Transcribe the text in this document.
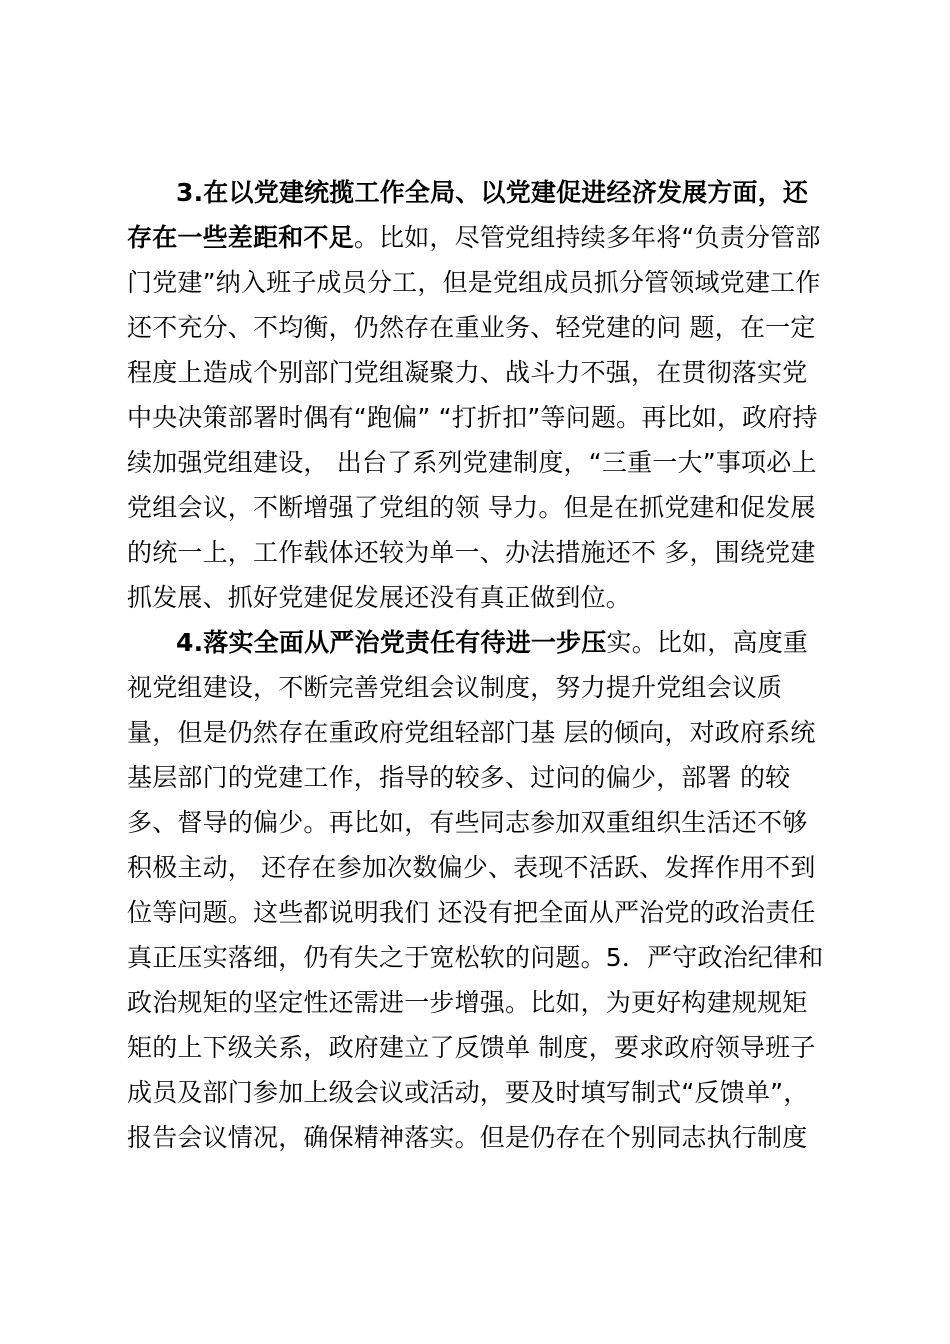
3.在以党建统揽工作全局、以党建促进经济发展方面，还
存在一些差距和不足。比如，尽管党组持续多年将“负责分管部
门党建”纳入班子成员分工，但是党组成员抓分管领域党建工作
还不充分、不均衡，仍然存在重业务、轻党建的问 题，在一定
程度上造成个别部门党组凝聚力、战斗力不强，在贯彻落实党
中央决策部署时偶有“跑偏” “打折扣”等问题。再比如，政府持
续加强党组建设， 出台了系列党建制度，“三重一大”事项必上
党组会议，不断增强了党组的领 导力。但是在抓党建和促发展
的统一上，工作载体还较为单一、办法措施还不 多，围绕党建
抓发展、抓好党建促发展还没有真正做到位。
4.落实全面从严治党责任有待进一步压实。比如，高度重
视党组建设，不断完善党组会议制度，努力提升党组会议质
量，但是仍然存在重政府党组轻部门基 层的倾向，对政府系统
基层部门的党建工作，指导的较多、过问的偏少，部署 的较
多、督导的偏少。再比如，有些同志参加双重组织生活还不够
积极主动， 还存在参加次数偏少、表现不活跃、发挥作用不到
位等问题。这些都说明我们 还没有把全面从严治党的政治责任
真正压实落细，仍有失之于宽松软的问题。5．严守政治纪律和
政治规矩的坚定性还需进一步增强。比如，为更好构建规规矩
矩的上下级关系，政府建立了反馈单 制度，要求政府领导班子
成员及部门参加上级会议或活动，要及时填写制式“反馈单”，
报告会议情况，确保精神落实。但是仍存在个别同志执行制度
